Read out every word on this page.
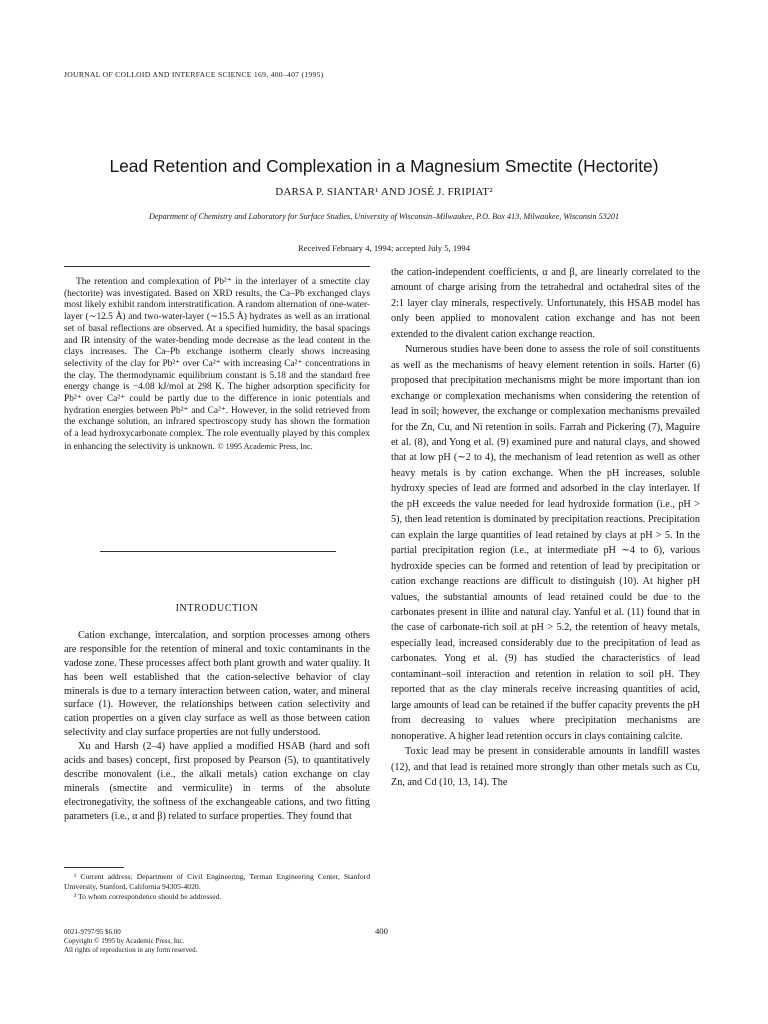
JOURNAL OF COLLOID AND INTERFACE SCIENCE 169, 400–407 (1995)
Lead Retention and Complexation in a Magnesium Smectite (Hectorite)
DARSA P. SIANTAR¹ AND JOSÉ J. FRIPIAT²
Department of Chemistry and Laboratory for Surface Studies, University of Wisconsin–Milwaukee, P.O. Box 413, Milwaukee, Wisconsin 53201
Received February 4, 1994; accepted July 5, 1994

The retention and complexation of Pb²⁺ in the interlayer of a smectite clay (hectorite) was investigated. Based on XRD results, the Ca–Pb exchanged clays most likely exhibit random interstratification. A random alternation of one-water-layer (∼12.5 Å) and two-water-layer (∼15.5 Å) hydrates as well as an irrational set of basal reflections are observed. At a specified humidity, the basal spacings and IR intensity of the water-bending mode decrease as the lead content in the clays increases. The Ca–Pb exchange isotherm clearly shows increasing selectivity of the clay for Pb²⁺ over Ca²⁺ with increasing Ca²⁺ concentrations in the clay. The thermodynamic equilibrium constant is 5.18 and the standard free energy change is −4.08 kJ/mol at 298 K. The higher adsorption specificity for Pb²⁺ over Ca²⁺ could be partly due to the difference in ionic potentials and hydration energies between Pb²⁺ and Ca²⁺. However, in the solid retrieved from the exchange solution, an infrared spectroscopy study has shown the formation of a lead hydroxycarbonate complex. The role eventually played by this complex in enhancing the selectivity is unknown. © 1995 Academic Press, Inc.

INTRODUCTION

Cation exchange, intercalation, and sorption processes among others are responsible for the retention of mineral and toxic contaminants in the vadose zone. These processes affect both plant growth and water quality. It has been well established that the cation-selective behavior of clay minerals is due to a ternary interaction between cation, water, and mineral surface (1). However, the relationships between cation selectivity and cation properties on a given clay surface as well as those between cation selectivity and clay surface properties are not fully understood.

Xu and Harsh (2–4) have applied a modified HSAB (hard and soft acids and bases) concept, first proposed by Pearson (5), to quantitatively describe monovalent (i.e., the alkali metals) cation exchange on clay minerals (smectite and vermiculite) in terms of the absolute electronegativity, the softness of the exchangeable cations, and two fitting parameters (i.e., α and β) related to surface properties. They found that

the cation-independent coefficients, α and β, are linearly correlated to the amount of charge arising from the tetrahedral and octahedral sites of the 2:1 layer clay minerals, respectively. Unfortunately, this HSAB model has only been applied to monovalent cation exchange and has not been extended to the divalent cation exchange reaction.

Numerous studies have been done to assess the role of soil constituents as well as the mechanisms of heavy element retention in soils. Harter (6) proposed that precipitation mechanisms might be more important than ion exchange or complexation mechanisms when considering the retention of lead in soil; however, the exchange or complexation mechanisms prevailed for the Zn, Cu, and Ni retention in soils. Farrah and Pickering (7), Maguire et al. (8), and Yong et al. (9) examined pure and natural clays, and showed that at low pH (∼2 to 4), the mechanism of lead retention as well as other heavy metals is by cation exchange. When the pH increases, soluble hydroxy species of lead are formed and adsorbed in the clay interlayer. If the pH exceeds the value needed for lead hydroxide formation (i.e., pH > 5), then lead retention is dominated by precipitation reactions. Precipitation can explain the large quantities of lead retained by clays at pH > 5. In the partial precipitation region (i.e., at intermediate pH ∼4 to 6), various hydroxide species can be formed and retention of lead by precipitation or cation exchange reactions are difficult to distinguish (10). At higher pH values, the substantial amounts of lead retained could be due to the carbonates present in illite and natural clay. Yanful et al. (11) found that in the case of carbonate-rich soil at pH > 5.2, the retention of heavy metals, especially lead, increased considerably due to the precipitation of lead as carbonates. Yong et al. (9) has studied the characteristics of lead contaminant–soil interaction and retention in relation to soil pH. They reported that as the clay minerals receive increasing quantities of acid, large amounts of lead can be retained if the buffer capacity prevents the pH from decreasing to values where precipitation mechanisms are nonoperative. A higher lead retention occurs in clays containing calcite.

Toxic lead may be present in considerable amounts in landfill wastes (12), and that lead is retained more strongly than other metals such as Cu, Zn, and Cd (10, 13, 14). The

¹ Current address: Department of Civil Engineering, Terman Engineering Center, Stanford University, Stanford, California 94305-4020.

² To whom correspondence should be addressed.

400
0021-9797/95 $6.00
Copyright © 1995 by Academic Press, Inc.
All rights of reproduction in any form reserved.
